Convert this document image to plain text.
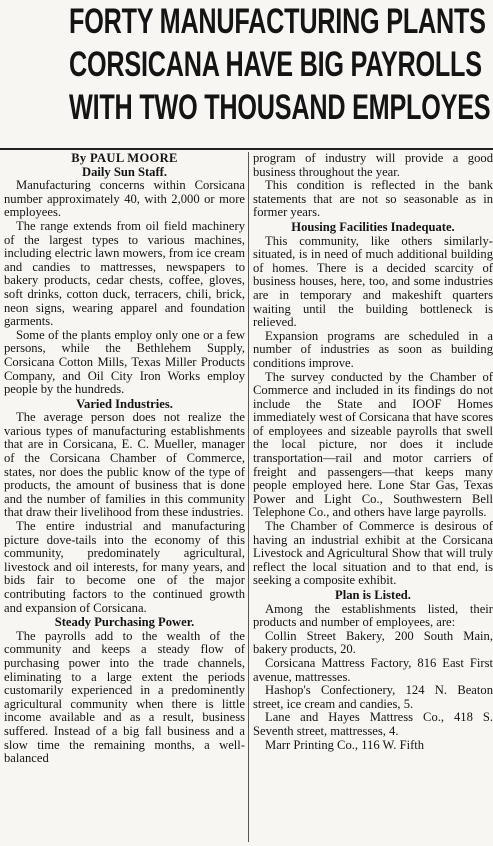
FORTY MANUFACTURING PLANTS
CORSICANA HAVE BIG PAYROLLS
WITH TWO THOUSAND EMPLOYES
By PAUL MOORE
Daily Sun Staff.

Manufacturing concerns within Corsicana number approximately 40, with 2,000 or more employees.

The range extends from oil field machinery of the largest types to various machines, including electric lawn mowers, from ice cream and candies to mattresses, newspapers to bakery products, cedar chests, coffee, gloves, soft drinks, cotton duck, terracers, chili, brick, neon signs, wearing apparel and foundation garments.

Some of the plants employ only one or a few persons, while the Bethlehem Supply, Corsicana Cotton Mills, Texas Miller Products Company, and Oil City Iron Works employ people by the hundreds.

Varied Industries.

The average person does not realize the various types of manufacturing establishments that are in Corsicana, E. C. Mueller, manager of the Corsicana Chamber of Commerce, states, nor does the public know of the type of products, the amount of business that is done and the number of families in this community that draw their livelihood from these industries.

The entire industrial and manufacturing picture dove-tails into the economy of this community, predominately agricultural, livestock and oil interests, for many years, and bids fair to become one of the major contributing factors to the continued growth and expansion of Corsicana.

Steady Purchasing Power.

The payrolls add to the wealth of the community and keeps a steady flow of purchasing power into the trade channels, eliminating to a large extent the periods customarily experienced in a predominently agricultural community when there is little income available and as a result, business suffered. Instead of a big fall business and a slow time the remaining months, a well-balanced

program of industry will provide a good business throughout the year.

This condition is reflected in the bank statements that are not so seasonable as in former years.

Housing Facilities Inadequate.

This community, like others similarly-situated, is in need of much additional building of homes. There is a decided scarcity of business houses, here, too, and some industries are in temporary and makeshift quarters waiting until the building bottleneck is relieved.

Expansion programs are scheduled in a number of industries as soon as building conditions improve.

The survey conducted by the Chamber of Commerce and included in its findings do not include the State and IOOF Homes immediately west of Corsicana that have scores of employees and sizeable payrolls that swell the local picture, nor does it include transportation—rail and motor carriers of freight and passengers—that keeps many people employed here. Lone Star Gas, Texas Power and Light Co., Southwestern Bell Telephone Co., and others have large payrolls.

The Chamber of Commerce is desirous of having an industrial exhibit at the Corsicana Livestock and Agricultural Show that will truly reflect the local situation and to that end, is seeking a composite exhibit.

Plan is Listed.

Among the establishments listed, their products and number of employees, are:

Collin Street Bakery, 200 South Main, bakery products, 20.

Corsicana Mattress Factory, 816 East First avenue, mattresses.

Hashop's Confectionery, 124 N. Beaton street, ice cream and candies, 5.

Lane and Hayes Mattress Co., 418 S. Seventh street, mattresses, 4.

Marr Printing Co., 116 W. Fifth
